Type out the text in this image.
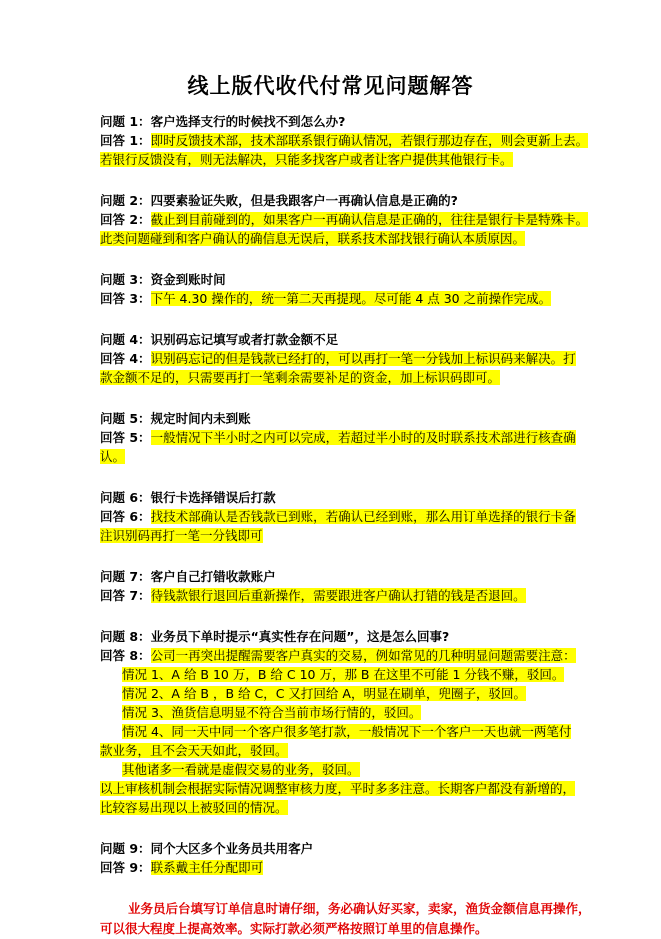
线上版代收代付常见问题解答
问题 1：客户选择支行的时候找不到怎么办?
回答 1：即时反馈技术部，技术部联系银行确认情况，若银行那边存在，则会更新上去。
若银行反馈没有，则无法解决，只能多找客户或者让客户提供其他银行卡。
问题 2：四要素验证失败，但是我跟客户一再确认信息是正确的?
回答 2：截止到目前碰到的，如果客户一再确认信息是正确的，往往是银行卡是特殊卡。
此类问题碰到和客户确认的确信息无误后，联系技术部找银行确认本质原因。
问题 3：资金到账时间
回答 3：下午 4.30 操作的，统一第二天再提现。尽可能 4 点 30 之前操作完成。
问题 4：识别码忘记填写或者打款金额不足
回答 4：识别码忘记的但是钱款已经打的，可以再打一笔一分钱加上标识码来解决。打
款金额不足的，只需要再打一笔剩余需要补足的资金，加上标识码即可。
问题 5：规定时间内未到账
回答 5：一般情况下半小时之内可以完成，若超过半小时的及时联系技术部进行核查确
认。
问题 6：银行卡选择错误后打款
回答 6：找技术部确认是否钱款已到账，若确认已经到账，那么用订单选择的银行卡备
注识别码再打一笔一分钱即可
问题 7：客户自己打错收款账户
回答 7：待钱款银行退回后重新操作，需要跟进客户确认打错的钱是否退回。
问题 8：业务员下单时提示“真实性存在问题”，这是怎么回事?
回答 8：公司一再突出提醒需要客户真实的交易，例如常见的几种明显问题需要注意：
情况 1、A 给 B 10 万，B 给 C 10 万，那 B 在这里不可能 1 分钱不赚，驳回。
情况 2、A 给 B ，B 给 C，C 又打回给 A，明显在刷单，兜圈子，驳回。
情况 3、渔货信息明显不符合当前市场行情的，驳回。
情况 4、同一天中同一个客户很多笔打款，一般情况下一个客户一天也就一两笔付
款业务，且不会天天如此，驳回。
其他诸多一看就是虚假交易的业务，驳回。
以上审核机制会根据实际情况调整审核力度，平时多多注意。长期客户都没有新增的，
比较容易出现以上被驳回的情况。
问题 9：同个大区多个业务员共用客户
回答 9：联系戴主任分配即可
业务员后台填写订单信息时请仔细，务必确认好买家，卖家，渔货金额信息再操作，可以很大程度上提高效率。实际打款必须严格按照订单里的信息操作。
